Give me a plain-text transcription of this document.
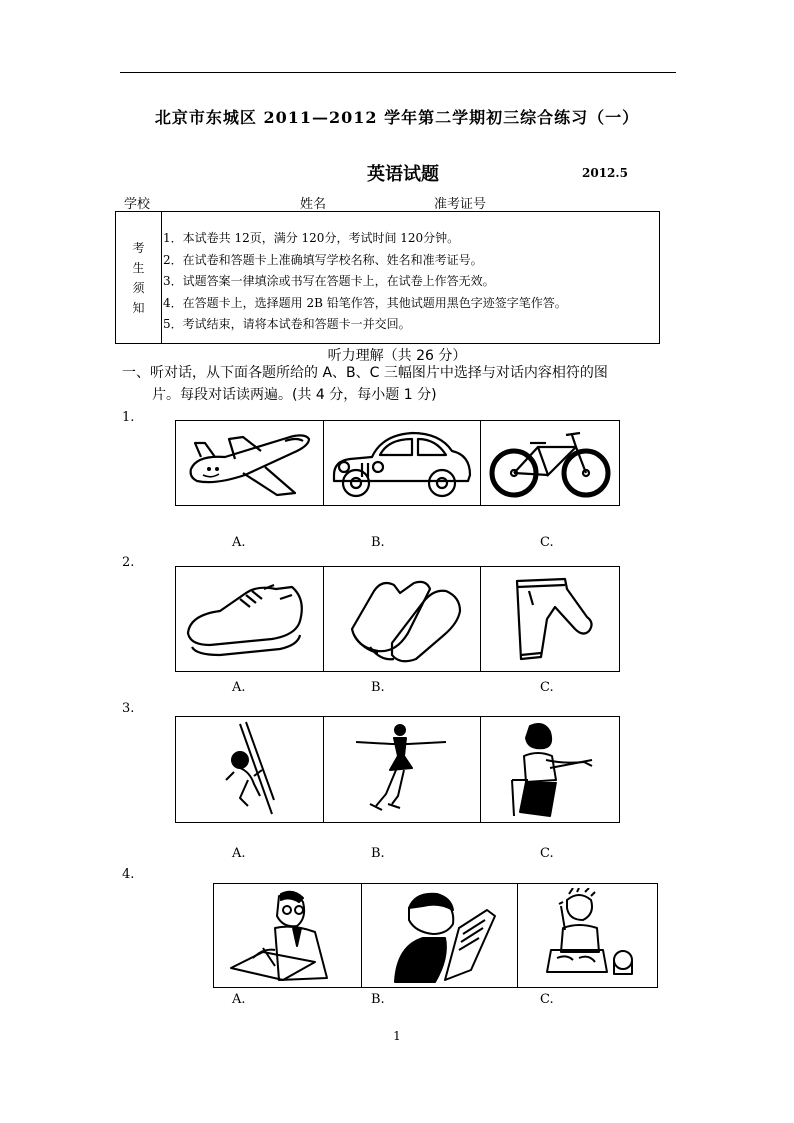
北京市东城区 2011—2012 学年第二学期初三综合练习（一）
英语试题	2012.5
学校	姓名	准考证号
考
生
须
知
1．本试卷共 12页，满分 120分，考试时间 120分钟。
2．在试卷和答题卡上准确填写学校名称、姓名和准考证号。
3．试题答案一律填涂或书写在答题卡上，在试卷上作答无效。
4．在答题卡上，选择题用 2B 铅笔作答，其他试题用黑色字迹签字笔作答。
5．考试结束，请将本试卷和答题卡一并交回。
听力理解（共 26 分）
一、听对话，从下面各题所给的 A、B、C 三幅图片中选择与对话内容相符的图
片。每段对话读两遍。(共 4 分，每小题 1 分)
1.
A.	B.	C.
2.
A.	B.	C.
3.
A.	B.	C.
4.
A.	B.	C.
1
